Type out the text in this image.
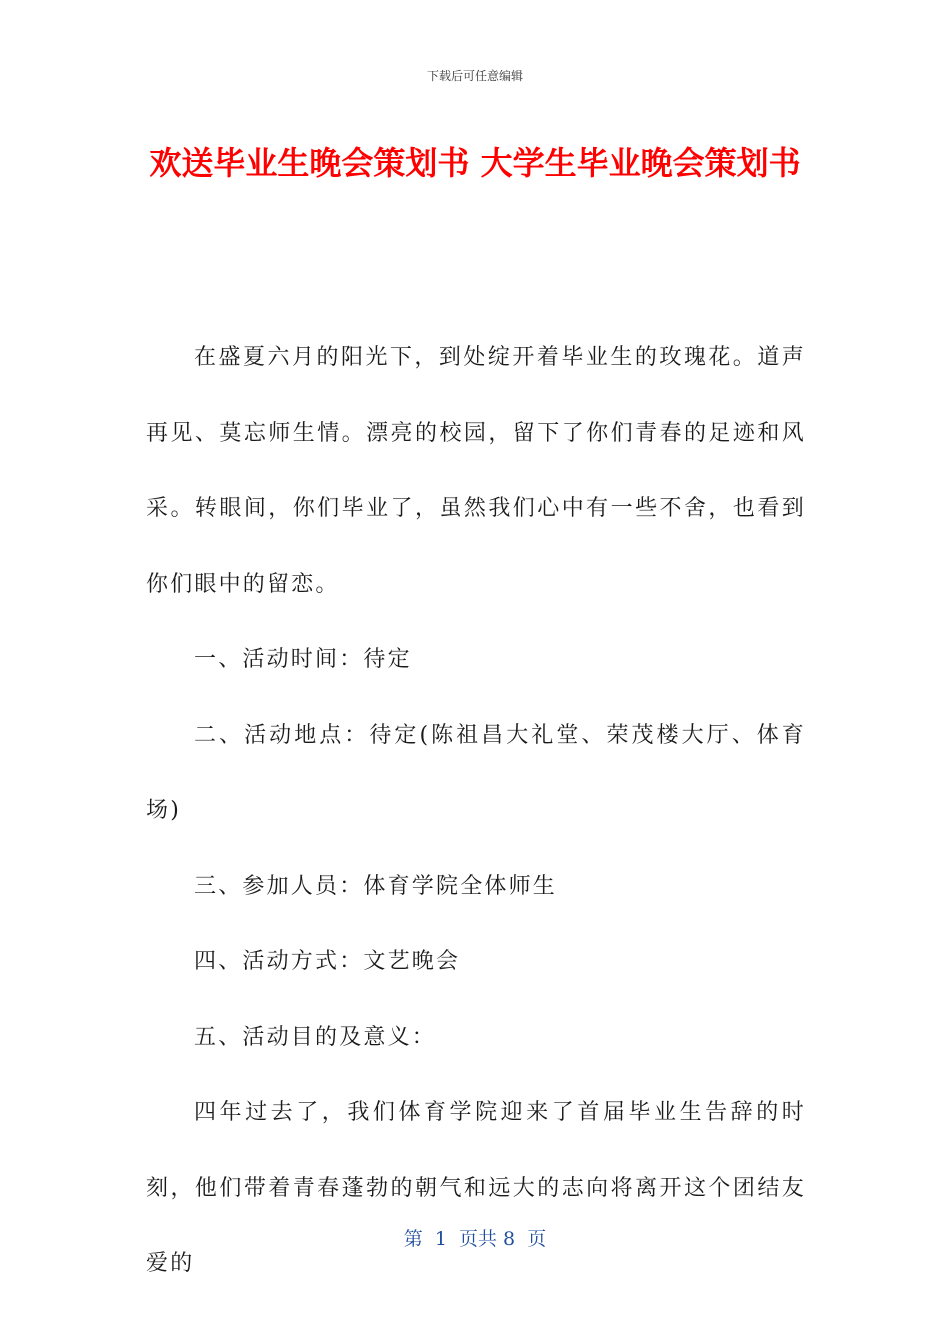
下载后可任意编辑
欢送毕业生晚会策划书 大学生毕业晚会策划书

在盛夏六月的阳光下，到处绽开着毕业生的玫瑰花。道声再见、莫忘师生情。漂亮的校园，留下了你们青春的足迹和风采。转眼间，你们毕业了，虽然我们心中有一些不舍，也看到你们眼中的留恋。

一、活动时间：待定

二、活动地点：待定(陈祖昌大礼堂、荣茂楼大厅、体育场)

三、参加人员：体育学院全体师生

四、活动方式：文艺晚会

五、活动目的及意义：

四年过去了，我们体育学院迎来了首届毕业生告辞的时刻，他们带着青春蓬勃的朝气和远大的志向将离开这个团结友爱的

第  1  页共 8  页
